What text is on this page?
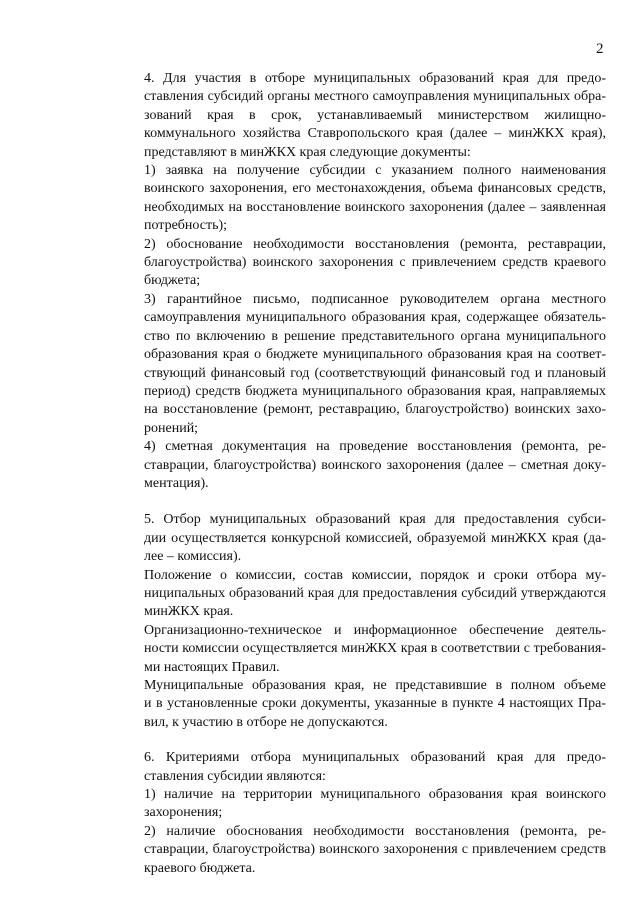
2

4. Для участия в отборе муниципальных образований края для предо-
ставления субсидий органы местного самоуправления муниципальных обра-
зований края в срок, устанавливаемый министерством жилищно-
коммунального хозяйства Ставропольского края (далее – минЖКХ края),
представляют в минЖКХ края следующие документы:

1) заявка на получение субсидии с указанием полного наименования
воинского захоронения, его местонахождения, объема финансовых средств,
необходимых на восстановление воинского захоронения (далее – заявленная
потребность);

2) обоснование необходимости восстановления (ремонта, реставрации,
благоустройства) воинского захоронения с привлечением средств краевого
бюджета;

3) гарантийное письмо, подписанное руководителем органа местного
самоуправления муниципального образования края, содержащее обязатель-
ство по включению в решение представительного органа муниципального
образования края о бюджете муниципального образования края на соответ-
ствующий финансовый год (соответствующий финансовый год и плановый
период) средств бюджета муниципального образования края, направляемых
на восстановление (ремонт, реставрацию, благоустройство) воинских захо-
ронений;

4) сметная документация на проведение восстановления (ремонта, ре-
ставрации, благоустройства) воинского захоронения (далее – сметная доку-
ментация).

5. Отбор муниципальных образований края для предоставления субси-
дии осуществляется конкурсной комиссией, образуемой минЖКХ края (да-
лее – комиссия).

Положение о комиссии, состав комиссии, порядок и сроки отбора му-
ниципальных образований края для предоставления субсидий утверждаются
минЖКХ края.

Организационно-техническое и информационное обеспечение деятель-
ности комиссии осуществляется минЖКХ края в соответствии с требования-
ми настоящих Правил.

Муниципальные образования края, не представившие в полном объеме
и в установленные сроки документы, указанные в пункте 4 настоящих Пра-
вил, к участию в отборе не допускаются.

6. Критериями отбора муниципальных образований края для предо-
ставления субсидии являются:

1) наличие на территории муниципального образования края воинского
захоронения;

2) наличие обоснования необходимости восстановления (ремонта, ре-
ставрации, благоустройства) воинского захоронения с привлечением средств
краевого бюджета.
